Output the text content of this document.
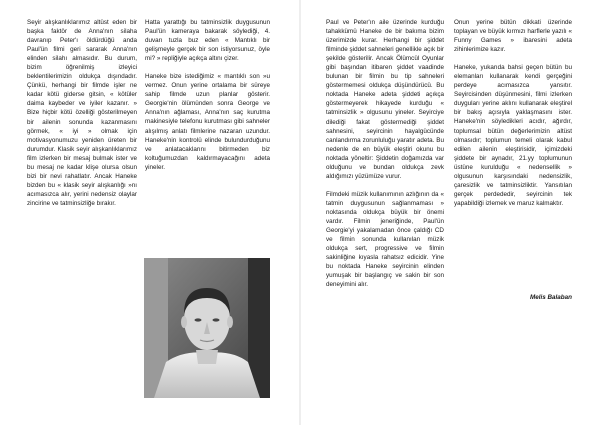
Seyir alışkanlıklarımız altüst eden bir başka faktör de Anna'nın silaha davranıp Peter'ı öldürdüğü anda Paul'ün filmi geri sararak Anna'nın elinden silahı almasıdır. Bu durum, bizim öğrenilmiş izleyici beklentilerimizin oldukça dışındadır. Çünkü, herhangi bir filmde işler ne kadar kötü giderse gitsin, « kötüler daima kaybeder ve iyiler kazanır. » Bize hiçbir kötü özelliği gösterilmeyen bir ailenin sonunda kazanmasını görmek, « iyi » olmak için motivasyonumuzu yeniden üreten bir durumdur. Klasik seyir alışkanlıklarımız film izlerken bir mesaj bulmak ister ve bu mesaj ne kadar klişe olursa olsun bizi bir nevi rahatlatır. Ancak Haneke bizden bu « klasik seyir alışkanlığı »nı acımasızca alır, yerini nedensiz olaylar zincirine ve tatminsizliğe bırakır.

Hatta yarattığı bu tatminsizlik duygusunun Paul'ün kameraya bakarak söylediği, 4. duvarı tuzla buz eden « Mantıklı bir gelişmeyle gerçek bir son istiyorsunuz, öyle mi? » repliğiyle açıkça altını çizer.

Haneke bize istediğimiz « mantıklı son »u vermez. Onun yerine ortalama bir süreye sahip filmde uzun planlar gösterir. Georgie'nin ölümünden sonra George ve Anna'nın ağlaması, Anna'nın saç kurutma makinesiyle telefonu kurutması gibi sahneler alışılmış anlatı filmlerine nazaran uzundur. Haneke'nin kontrolü elinde bulundurduğunu ve anlatacaklarını bitirmeden biz koltuğumuzdan kaldırmayacağını adeta yineler.

Paul ve Peter'ın aile üzerinde kurduğu tahakkümü Haneke de bir bakıma bizim üzerimizde kurar. Herhangi bir şiddet filminde şiddet sahneleri genellikle açık bir şekilde gösterilir. Ancak Ölümcül Oyunlar gibi başından itibaren şiddet vaadinde bulunan bir filmin bu tip sahneleri göstermemesi oldukça düşündürücü. Bu noktada Haneke adeta şiddeti açıkça göstermeyerek hikayede kurduğu « tatminsizlik » olgusunu yineler. Seyirciye dilediği fakat göstermediği şiddet sahnesini, seyircinin hayalgücünde canlandırma zorunluluğu yaratır adeta. Bu nedenle de en büyük eleştiri okunu bu noktada yöneltir: Şiddetin doğamızda var olduğunu ve bundan oldukça zevk aldığımızı yüzümüze vurur.

Filmdeki müzik kullanımının azlığının da « tatmin duygusunun sağlanmaması » noktasında oldukça büyük bir önemi vardır. Filmin jeneriğinde, Paul'ün Georgie'yi yakalamadan önce çaldığı CD ve filmin sonunda kullanılan müzik oldukça sert, progressive ve filmin sakinliğine kıyasla rahatsız edicidir. Yine bu noktada Haneke seyircinin elinden yumuşak bir başlangıç ve sakin bir son deneyimini alır.

Onun yerine bütün dikkati üzerinde toplayan ve büyük kırmızı harflerle yazılı « Funny Games » ibaresini adeta zihinlerimize kazır.

Haneke, yukarıda bahsi geçen bütün bu elemanları kullanarak kendi gerçeğini perdeye acımasızca yansıtır. Seyircisinden düşünmesini, filmi izlerken duyguları yerine aklını kullanarak eleştirel bir bakış açısıyla yaklaşmasını ister. Haneke'nin söyledikleri acıdır, ağırdır, toplumsal bütün değerlerimizin altüst olmasıdır; toplumun temeli olarak kabul edilen ailenin eleştirisidir, içimizdeki şiddete bir aynadır, 21.yy toplumunun üstüne kurulduğu « nedensellik » olgusunun karşısındaki nedensizlik, çaresizlik ve tatminsizliktir. Yansıtılan gerçek perdededir, seyircinin tek yapabildiği izlemek ve maruz kalmaktır.

Melis Balaban
